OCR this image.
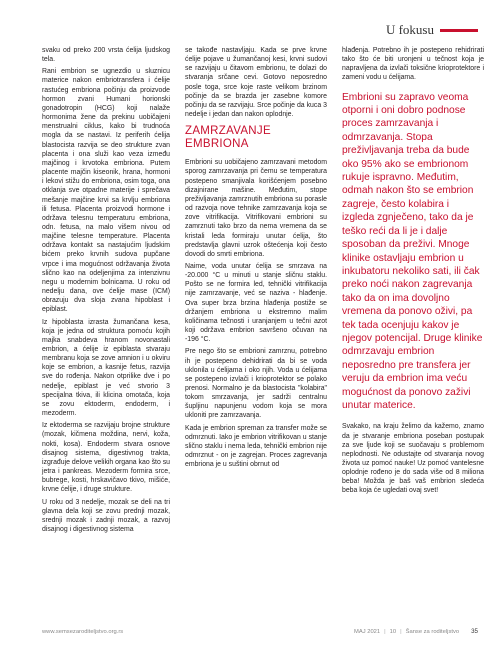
U fokusu

svaku od preko 200 vrsta ćelija ljudskog tela.

Rani embrion se ugnezdio u sluznicu materice nakon embriotransfera i ćelije rastućeg embriona počinju da proizvode hormon zvani Humani horionski gonadotropin (HCG) koji nalaže hormonima žene da prekinu uobičajeni menstrualni ciklus, kako bi trudnoća mogla da se nastavi. Iz periferih ćelija blastocista razvija se deo strukture zvan placenta i ona služi kao veza između majčinog i krvotoka embriona. Putem placente majčin kiseonik, hrana, hormoni i lekovi stižu do embriona, osim toga, ona otklanja sve otpadne materije i sprečava mešanje majčine krvi sa krvlju embriona ili fetusa. Placenta proizvodi hormone i održava telesnu temperaturu embriona, odn. fetusa, na malo višem nivou od majčine telesne temperature. Placenta održava kontakt sa nastajućim ljudskim bićem preko krvnih sudova pupčane vrpce i ima mogućnost održavanja života slično kao na odeljenjima za intenzivnu negu u modernim bolnicama. U roku od nedelju dana, ove ćelije mase (ICM) obrazuju dva sloja zvana hipoblast i epiblast.

Iz hipoblasta izrasta žumančana kesa, koja je jedna od struktura pomoću kojih majka snabdeva hranom novonastali embrion, a ćelije iz epiblasta stvaraju membranu koja se zove amnion i u okviru koje se embrion, a kasnije fetus, razvija sve do rođenja. Nakon otprilike dve i po nedelje, epiblast je već stvorio 3 specijalna tkiva, ili klicina omotača, koja se zovu ektoderm, endoderm, i mezoderm.

Iz ektoderma se razvijaju brojne strukture (mozak, kičmena moždina, nervi, koža, nokti, kosa). Endoderm stvara osnove disajnog sistema, digestivnog trakta, izgrađuje delove velikih organa kao što su jetra i pankreas. Mezoderm formira srce, bubrege, kosti, hrskavičavo tkivo, mišiće, krvne ćelije, i druge strukture.

U roku od 3 nedelje, mozak se deli na tri glavna dela koji se zovu prednji mozak, srednji mozak i zadnji mozak, a razvoj disajnog i digestivnog sistema

se takođe nastavljaju. Kada se prve krvne ćelije pojave u žumančanoj kesi, krvni sudovi se razvijaju u čitavom embrionu, te dolazi do stvaranja srčane cevi. Gotovo neposredno posle toga, srce koje raste velikom brzinom počinje da se brazda jer zasebne komore počinju da se razvijaju. Srce počinje da kuca 3 nedelje i jedan dan nakon oplodnje.

ZAMRZAVANJE EMBRIONA

Embrioni su uobičajeno zamrzavani metodom sporog zamrzavanja pri čemu se temperatura postepeno smanjivala korišćenjem posebno dizajnirane mašine. Međutim, stope preživljavanja zamrznutih embriona su porasle od razvoja nove tehnike zamrzavanja koja se zove vitrifikacija. Vitrifikovani embrioni su zamrznuti tako brzo da nema vremena da se kristali leda formiraju unutar ćelija, što predstavlja glavni uzrok oštećenja koji često dovodi do smrti embriona.

Naime, voda unutar ćelija se smrzava na -20.000 °C u minuti u stanje sličnu staklu. Pošto se ne formira led, tehnički vitrifikacija nije zamrzavanje, već se naziva - hlađenje. Ova super brza brzina hlađenja postiže se držanjem embriona u ekstremno malim količinama tečnosti i uranjanjem u tečni azot koji održava embrion savršeno očuvan na -196 °C.

Pre nego što se embrioni zamrznu, potrebno ih je postepeno dehidrirati da bi se voda uklonila u ćelijama i oko njih. Voda u ćelijama se postepeno izvlači i krioprotektor se polako prenosi. Normalno je da blastocista "kolabira" tokom smrzavanja, jer sadrži centralnu šupljinu napunjenu vodom koja se mora ukloniti pre zamrzavanja.

Kada je embrion spreman za transfer može se odmrznuti. Iako je embrion vitrifikovan u stanje slično staklu i nema leda, tehnički embrion nije odmrznut - on je zagrejan. Proces zagrevanja embriona je u suštini obrnut od

hlađenja. Potrebno ih je postepeno rehidrirati tako što će biti uronjeni u tečnost koja je napravljena da izvlači toksične krioprotektore i zameni vodu u ćelijama.

Embrioni su zapravo veoma otporni i oni dobro podnose proces zamrzavanja i odmrzavanja. Stopa preživljavanja treba da bude oko 95% ako se embrionom rukuje ispravno. Međutim, odmah nakon što se embrion zagreje, često kolabira i izgleda zgnječeno, tako da je teško reći da li je i dalje sposoban da preživi. Mnoge klinike ostavljaju embrion u inkubatoru nekoliko sati, ili čak preko noći nakon zagrevanja tako da on ima dovoljno vremena da ponovo oživi, pa tek tada ocenjuju kakov je njegov potencijal. Druge klinike odmrzavaju embrion neposredno pre transfera jer veruju da embrion ima veću mogućnost da ponovo zaživi unutar materice.

Svakako, na kraju želimo da kažemo, znamo da je stvaranje embriona poseban postupak za sve ljude koji se suočavaju s problemom neplodnosti. Ne odustajte od stvaranja novog života uz pomoć nauke! Uz pomoć vantelesne oplodnje rođeno je do sada više od 8 miliona beba! Možda je baš vaš embrion sledeća beba koja će ugledati ovaj svet!

www.semsezaroditeljstvo.org.rs	MAJ 2021 | 10 | Šanse za roditeljstvo 35
